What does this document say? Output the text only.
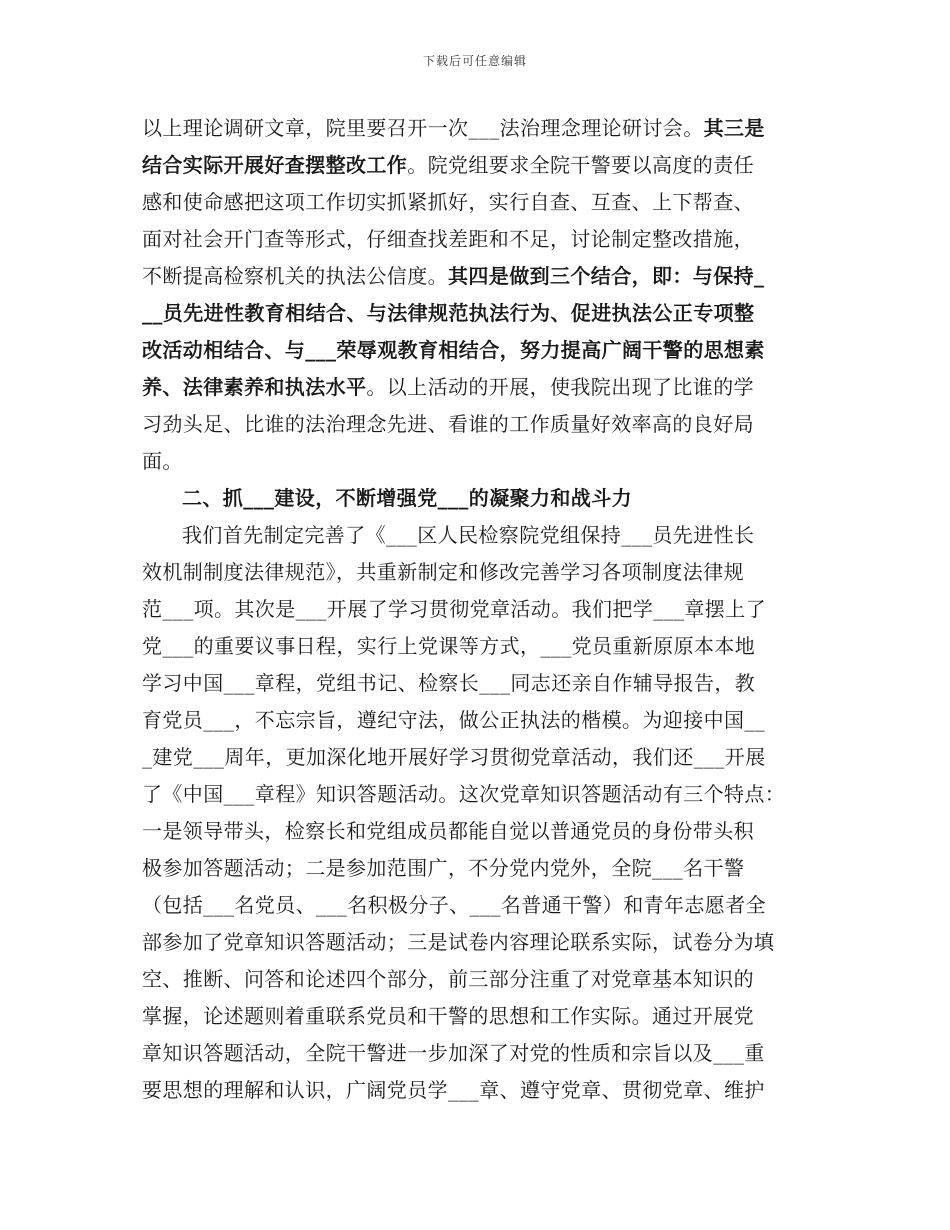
下载后可任意编辑
以上理论调研文章，院里要召开一次___法治理念理论研讨会。其三是
结合实际开展好查摆整改工作。院党组要求全院干警要以高度的责任
感和使命感把这项工作切实抓紧抓好，实行自查、互查、上下帮查、
面对社会开门查等形式，仔细查找差距和不足，讨论制定整改措施，
不断提高检察机关的执法公信度。其四是做到三个结合，即：与保持_
__员先进性教育相结合、与法律规范执法行为、促进执法公正专项整
改活动相结合、与___荣辱观教育相结合，努力提高广阔干警的思想素
养、法律素养和执法水平。以上活动的开展，使我院出现了比谁的学
习劲头足、比谁的法治理念先进、看谁的工作质量好效率高的良好局
面。
二、抓___建设，不断增强党___的凝聚力和战斗力
我们首先制定完善了《___区人民检察院党组保持___员先进性长
效机制制度法律规范》，共重新制定和修改完善学习各项制度法律规
范___项。其次是___开展了学习贯彻党章活动。我们把学___章摆上了
党___的重要议事日程，实行上党课等方式，___党员重新原原本本地
学习中国___章程，党组书记、检察长___同志还亲自作辅导报告，教
育党员___，不忘宗旨，遵纪守法，做公正执法的楷模。为迎接中国__
_建党___周年，更加深化地开展好学习贯彻党章活动，我们还___开展
了《中国___章程》知识答题活动。这次党章知识答题活动有三个特点：
一是领导带头，检察长和党组成员都能自觉以普通党员的身份带头积
极参加答题活动；二是参加范围广，不分党内党外，全院___名干警
（包括___名党员、___名积极分子、___名普通干警）和青年志愿者全
部参加了党章知识答题活动；三是试卷内容理论联系实际，试卷分为填
空、推断、问答和论述四个部分，前三部分注重了对党章基本知识的
掌握，论述题则着重联系党员和干警的思想和工作实际。通过开展党
章知识答题活动，全院干警进一步加深了对党的性质和宗旨以及___重
要思想的理解和认识，广阔党员学___章、遵守党章、贯彻党章、维护
